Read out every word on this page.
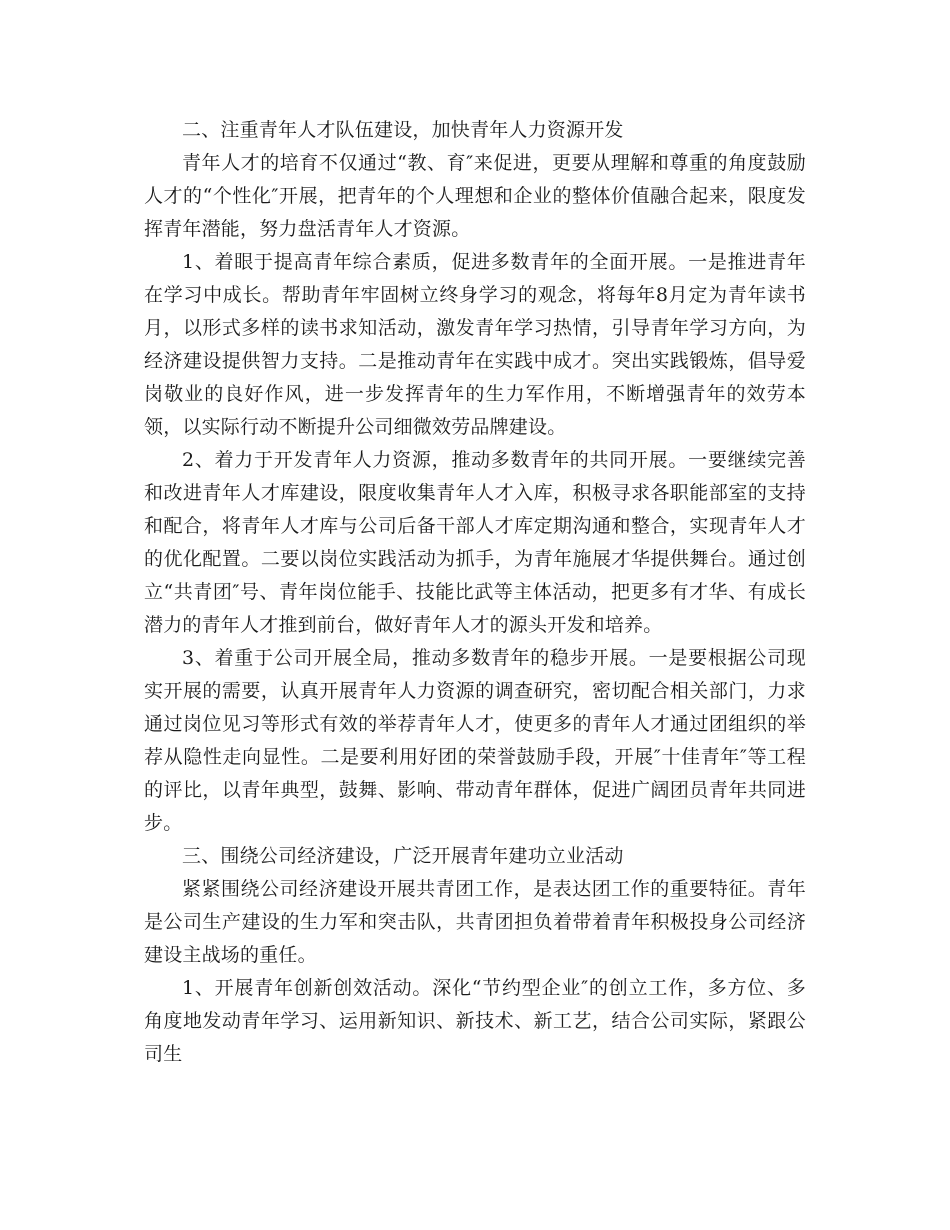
二、注重青年人才队伍建设，加快青年人力资源开发

青年人才的培育不仅通过“教、育″来促进，更要从理解和尊重的角度鼓励人才的“个性化″开展，把青年的个人理想和企业的整体价值融合起来，限度发挥青年潜能，努力盘活青年人才资源。

1、着眼于提高青年综合素质，促进多数青年的全面开展。一是推进青年在学习中成长。帮助青年牢固树立终身学习的观念，将每年8月定为青年读书月，以形式多样的读书求知活动，激发青年学习热情，引导青年学习方向，为经济建设提供智力支持。二是推动青年在实践中成才。突出实践锻炼，倡导爱岗敬业的良好作风，进一步发挥青年的生力军作用，不断增强青年的效劳本领，以实际行动不断提升公司细微效劳品牌建设。

2、着力于开发青年人力资源，推动多数青年的共同开展。一要继续完善和改进青年人才库建设，限度收集青年人才入库，积极寻求各职能部室的支持和配合，将青年人才库与公司后备干部人才库定期沟通和整合，实现青年人才的优化配置。二要以岗位实践活动为抓手，为青年施展才华提供舞台。通过创立“共青团″号、青年岗位能手、技能比武等主体活动，把更多有才华、有成长潜力的青年人才推到前台，做好青年人才的源头开发和培养。

3、着重于公司开展全局，推动多数青年的稳步开展。一是要根据公司现实开展的需要，认真开展青年人力资源的调查研究，密切配合相关部门，力求通过岗位见习等形式有效的举荐青年人才，使更多的青年人才通过团组织的举荐从隐性走向显性。二是要利用好团的荣誉鼓励手段，开展″十佳青年″等工程的评比，以青年典型，鼓舞、影响、带动青年群体，促进广阔团员青年共同进步。

三、围绕公司经济建设，广泛开展青年建功立业活动

紧紧围绕公司经济建设开展共青团工作，是表达团工作的重要特征。青年是公司生产建设的生力军和突击队，共青团担负着带着青年积极投身公司经济建设主战场的重任。

1、开展青年创新创效活动。深化“节约型企业″的创立工作，多方位、多角度地发动青年学习、运用新知识、新技术、新工艺，结合公司实际，紧跟公司生
